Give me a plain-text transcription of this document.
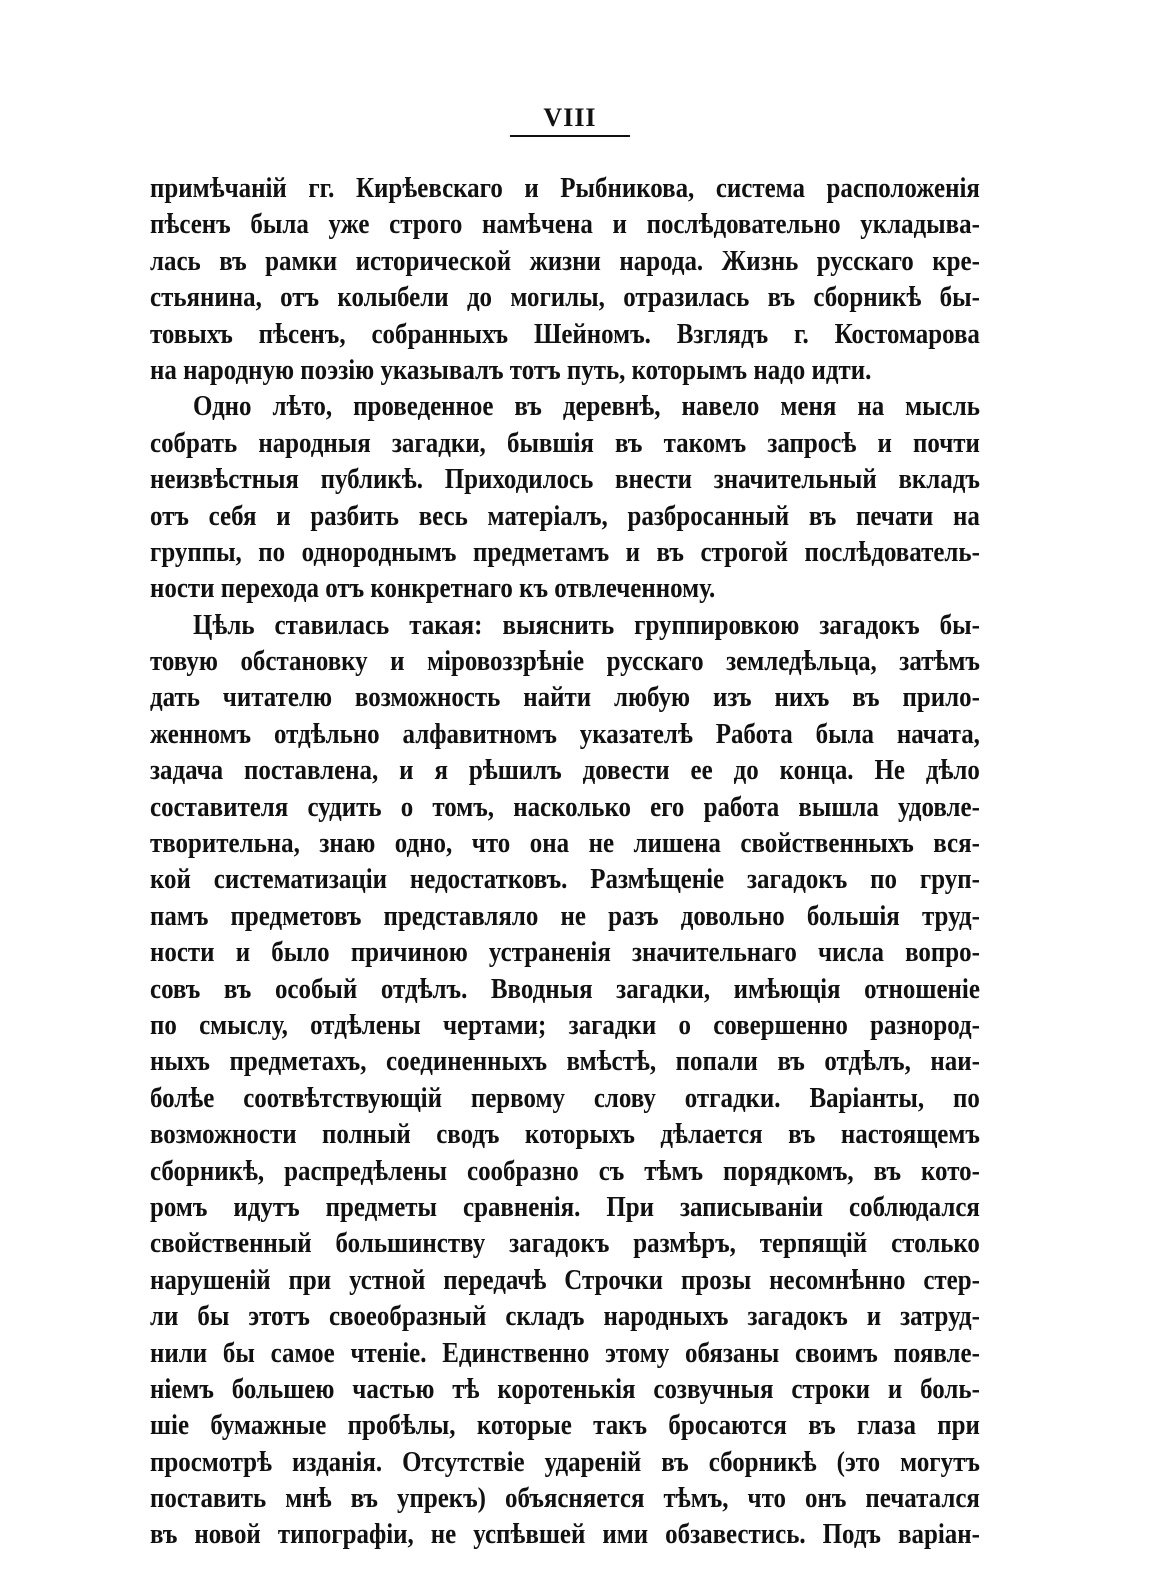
VIII
примѣчаній гг. Кирѣевскаго и Рыбникова, система расположенія
пѣсенъ была уже строго намѣчена и послѣдовательно укладыва-
лась въ рамки исторической жизни народа. Жизнь русскаго кре-
стьянина, отъ колыбели до могилы, отразилась въ сборникѣ бы-
товыхъ пѣсенъ, собранныхъ Шейномъ. Взглядъ г. Костомарова
на народную поэзію указывалъ тотъ путь, которымъ надо идти.
Одно лѣто, проведенное въ деревнѣ, навело меня на мысль
собрать народныя загадки, бывшія въ такомъ запросѣ и почти
неизвѣстныя публикѣ. Приходилось внести значительный вкладъ
отъ себя и разбить весь матеріалъ, разбросанный въ печати на
группы, по однороднымъ предметамъ и въ строгой послѣдователь-
ности перехода отъ конкретнаго къ отвлеченному.
Цѣль ставилась такая: выяснить группировкою загадокъ бы-
товую обстановку и міровоззрѣніе русскаго земледѣльца, затѣмъ
дать читателю возможность найти любую изъ нихъ въ прило-
женномъ отдѣльно алфавитномъ указателѣ Работа была начата,
задача поставлена, и я рѣшилъ довести ее до конца. Не дѣло
составителя судить о томъ, насколько его работа вышла удовле-
творительна, знаю одно, что она не лишена свойственныхъ вся-
кой систематизаціи недостатковъ. Размѣщеніе загадокъ по груп-
памъ предметовъ представляло не разъ довольно большія труд-
ности и было причиною устраненія значительнаго числа вопро-
совъ въ особый отдѣлъ. Вводныя загадки, имѣющія отношеніе
по смыслу, отдѣлены чертами; загадки о совершенно разнород-
ныхъ предметахъ, соединенныхъ вмѣстѣ, попали въ отдѣлъ, наи-
болѣе соотвѣтствующій первому слову отгадки. Варіанты, по
возможности полный сводъ которыхъ дѣлается въ настоящемъ
сборникѣ, распредѣлены сообразно съ тѣмъ порядкомъ, въ кото-
ромъ идутъ предметы сравненія. При записываніи соблюдался
свойственный большинству загадокъ размѣръ, терпящій столько
нарушеній при устной передачѣ Строчки прозы несомнѣнно стер-
ли бы этотъ своеобразный складъ народныхъ загадокъ и затруд-
нили бы самое чтеніе. Единственно этому обязаны своимъ появле-
ніемъ большею частью тѣ коротенькія созвучныя строки и боль-
шіе бумажные пробѣлы, которые такъ бросаются въ глаза при
просмотрѣ изданія. Отсутствіе удареній въ сборникѣ (это могутъ
поставить мнѣ въ упрекъ) объясняется тѣмъ, что онъ печатался
въ новой типографіи, не успѣвшей ими обзавестись. Подъ варіан-
